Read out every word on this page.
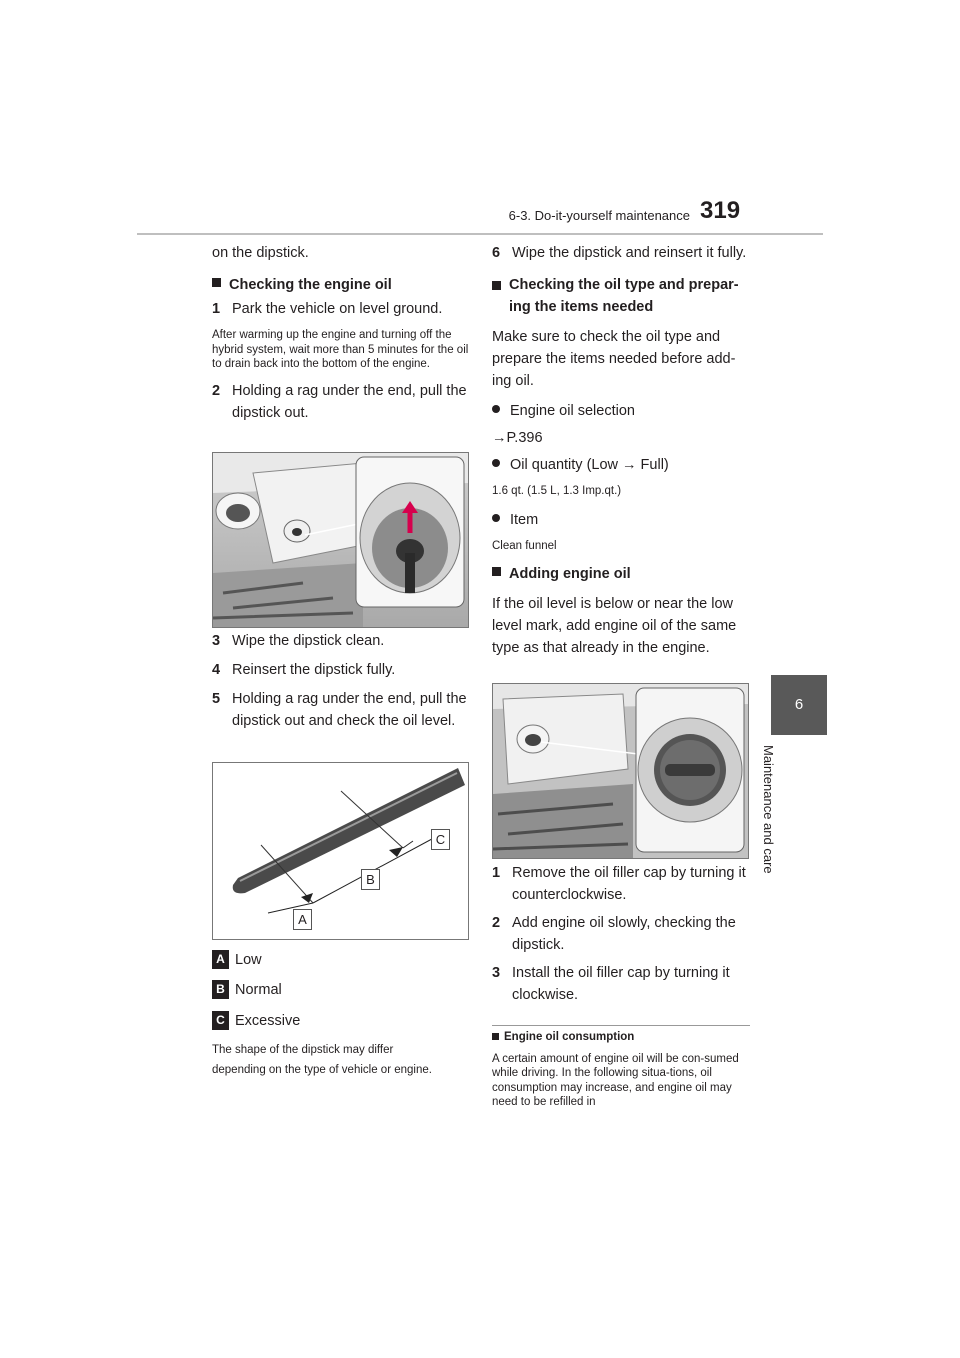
6-3. Do-it-yourself maintenance 319
6
Maintenance and care

on the dipstick.

Checking the engine oil

1 Park the vehicle on level ground.

After warming up the engine and turning off the hybrid system, wait more than 5 minutes for the oil to drain back into the bottom of the engine.

2 Holding a rag under the end, pull the dipstick out.
3 Wipe the dipstick clean.
4 Reinsert the dipstick fully.
5 Holding a rag under the end, pull the dipstick out and check the oil level.
C
B
A
A Low
B Normal
C Excessive

The shape of the dipstick may differ depending on the type of vehicle or engine.

6 Wipe the dipstick and reinsert it fully.

Checking the oil type and prepar-ing the items needed

Make sure to check the oil type and prepare the items needed before add-ing oil.

Engine oil selection

→P.396

Oil quantity (Low → Full)

1.6 qt. (1.5 L, 1.3 Imp.qt.)

Item

Clean funnel

Adding engine oil

If the oil level is below or near the low level mark, add engine oil of the same type as that already in the engine.

1 Remove the oil filler cap by turning it counterclockwise.
2 Add engine oil slowly, checking the dipstick.
3 Install the oil filler cap by turning it clockwise.

Engine oil consumption

A certain amount of engine oil will be con-sumed while driving. In the following situa-tions, oil consumption may increase, and engine oil may need to be refilled in
